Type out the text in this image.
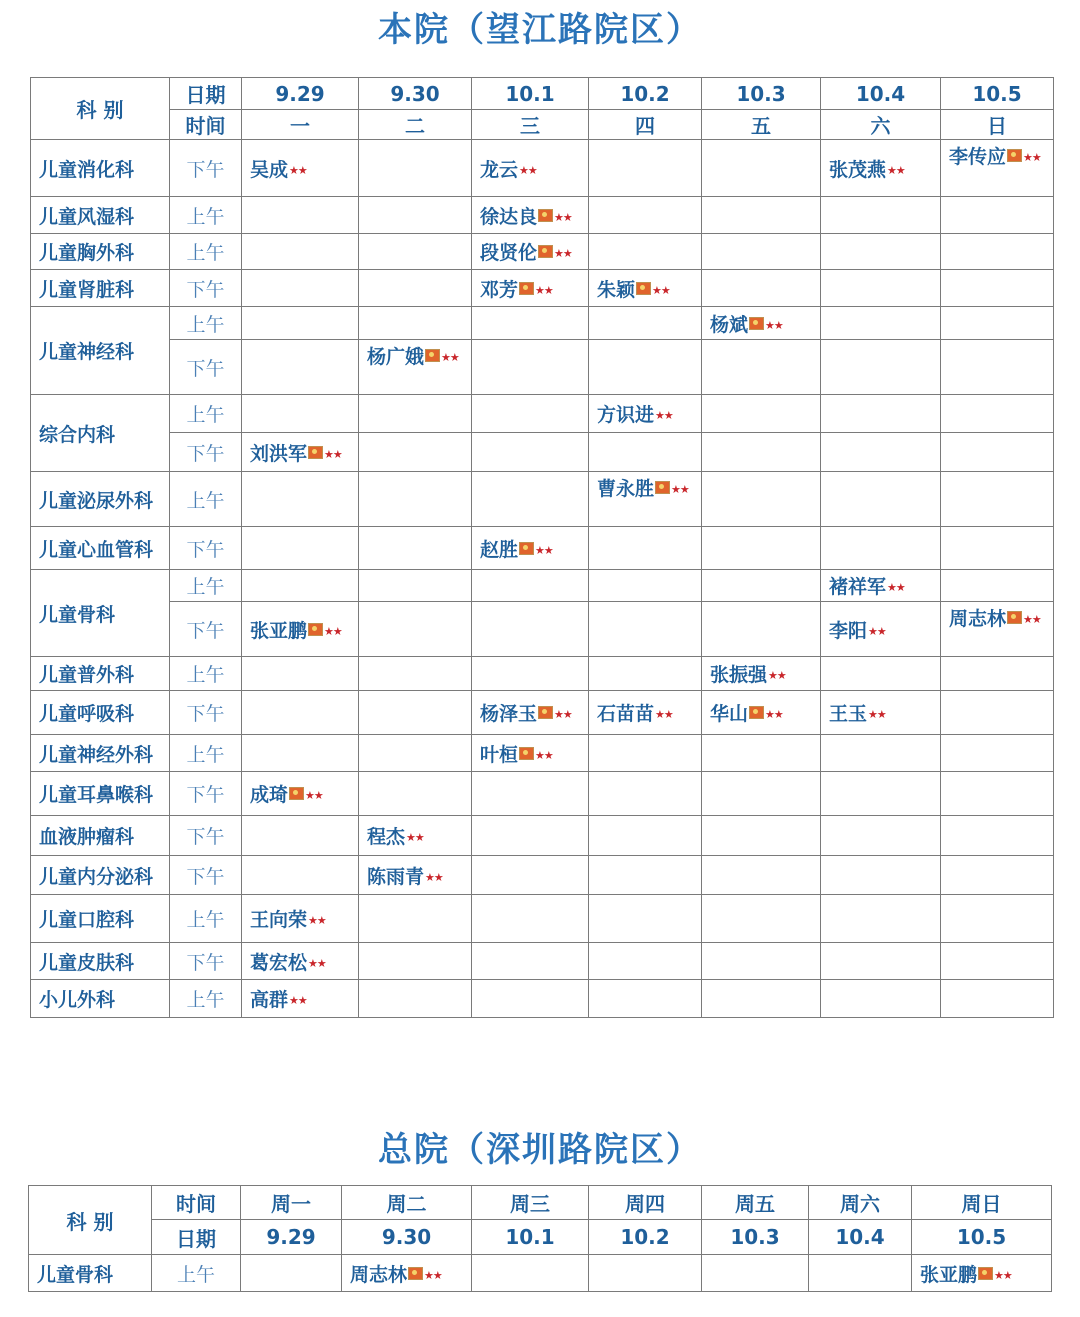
本院（望江路院区）
科 别	日期	9.29	9.30	10.1	10.2	10.3	10.4	10.5
	时间	一	二	三	四	五	六	日
儿童消化科	下午	吴成★★		龙云★★			张茂燕★★	李传应 ★★
儿童风湿科	上午			徐达良 ★★				
儿童胸外科	上午			段贤伦 ★★				
儿童肾脏科	下午			邓芳 ★★	朱颖 ★★			
儿童神经科	上午					杨斌 ★★		
	下午		杨广娥 ★★					
综合内科	上午				方识进★★			
	下午	刘洪军 ★★						
儿童泌尿外科	上午				曹永胜 ★★			
儿童心血管科	下午			赵胜 ★★				
儿童骨科	上午						褚祥军★★	
	下午	张亚鹏 ★★					李阳★★	周志林 ★★
儿童普外科	上午					张振强★★		
儿童呼吸科	下午			杨泽玉 ★★	石苗苗★★	华山 ★★	王玉★★	
儿童神经外科	上午			叶桓 ★★				
儿童耳鼻喉科	下午	成琦 ★★						
血液肿瘤科	下午		程杰★★					
儿童内分泌科	下午		陈雨青★★					
儿童口腔科	上午	王向荣★★						
儿童皮肤科	下午	葛宏松★★						
小儿外科	上午	高群★★						
总院（深圳路院区）
科 别	时间	周一	周二	周三	周四	周五	周六	周日
	日期	9.29	9.30	10.1	10.2	10.3	10.4	10.5
儿童骨科	上午		周志林 ★★					张亚鹏 ★★
